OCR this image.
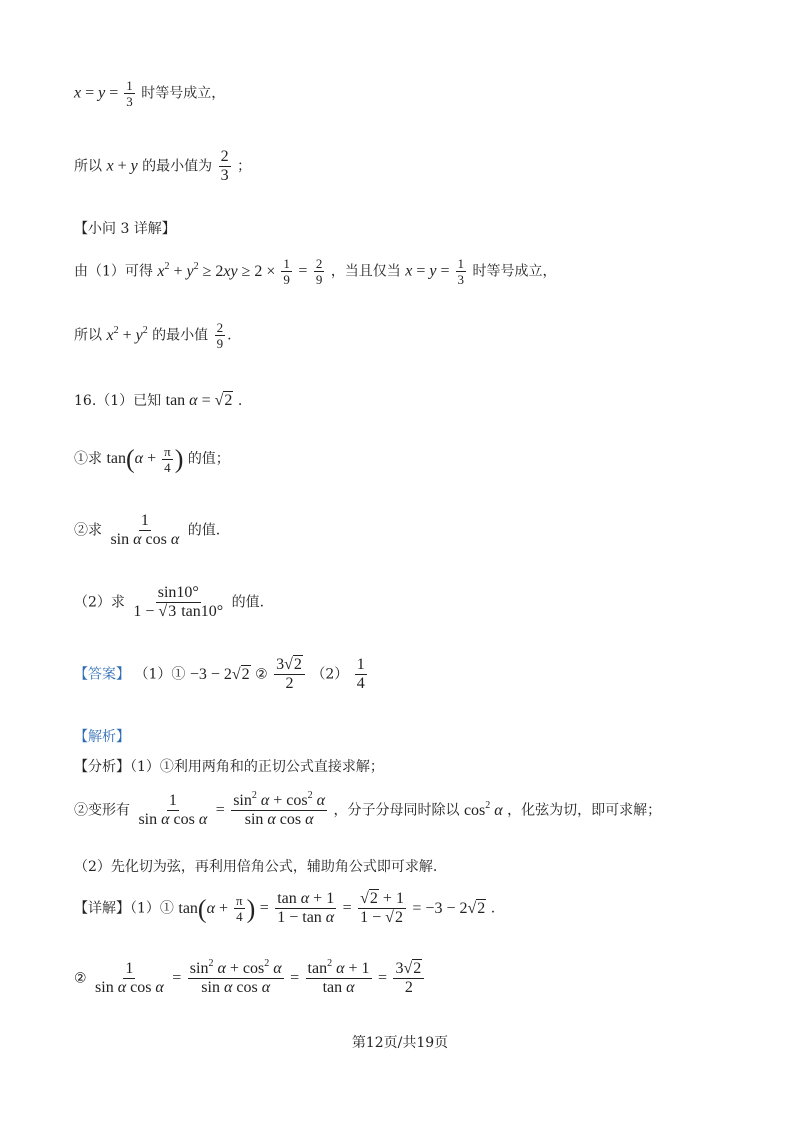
$x = y = \frac{1}{3}$ 时等号成立，
所以 x + y 的最小值为 $\frac{2}{3}$ ；
【小问 3 详解】
由（1）可得 $x^2 + y^2 \ge 2xy \ge 2 \times \frac{1}{9} = \frac{2}{9}$ ，当且仅当 $x = y = \frac{1}{3}$ 时等号成立，
所以 $x^2 + y^2$ 的最小值 $\frac{2}{9}$ .
16.（1）已知 tan α = √2 .
①求 $\tan(\alpha + \frac{\pi}{4}$ ) 的值；
②求 $\frac{1}{\text{sin α cos α}}$ 的值.
（2）求 $\frac{\sin 10^\circ}{1 - √3 \tan 10^\circ}$ 的值.
【答案】 （1）① −3 − 2√2 ② $\frac{3√2}{2} (2) \frac{1}{4}$
【解析】
【分析】（1）①利用两角和的正切公式直接求解；
②变形有 $\frac{1}{\text{sin α cos α}} = \frac{\sin^2 \alpha + \cos^2 \alpha}{\text{sin α cos α}}$ ，分子分母同时除以 $\cos^2 \alpha$ ，化弦为切，即可求解；
（2）先化切为弦，再利用倍角公式，辅助角公式即可求解.
【详解】（1）① $\tan(\alpha + \frac{\pi}{4}$ ) = $\frac{\text{tan α + 1}}{\text{1 − tan α}} = \frac{√2 + 1}{1 - √2} = -3 - 2√2$ .
② $\frac{1}{\text{sin α cos α}} = \frac{\sin^2 \alpha + \cos^2 \alpha}{\text{sin α cos α}} = \frac{\tan^2 \alpha + 1}{\text{tan α}} = \frac{3√2}{2}$
第12页/共19页
